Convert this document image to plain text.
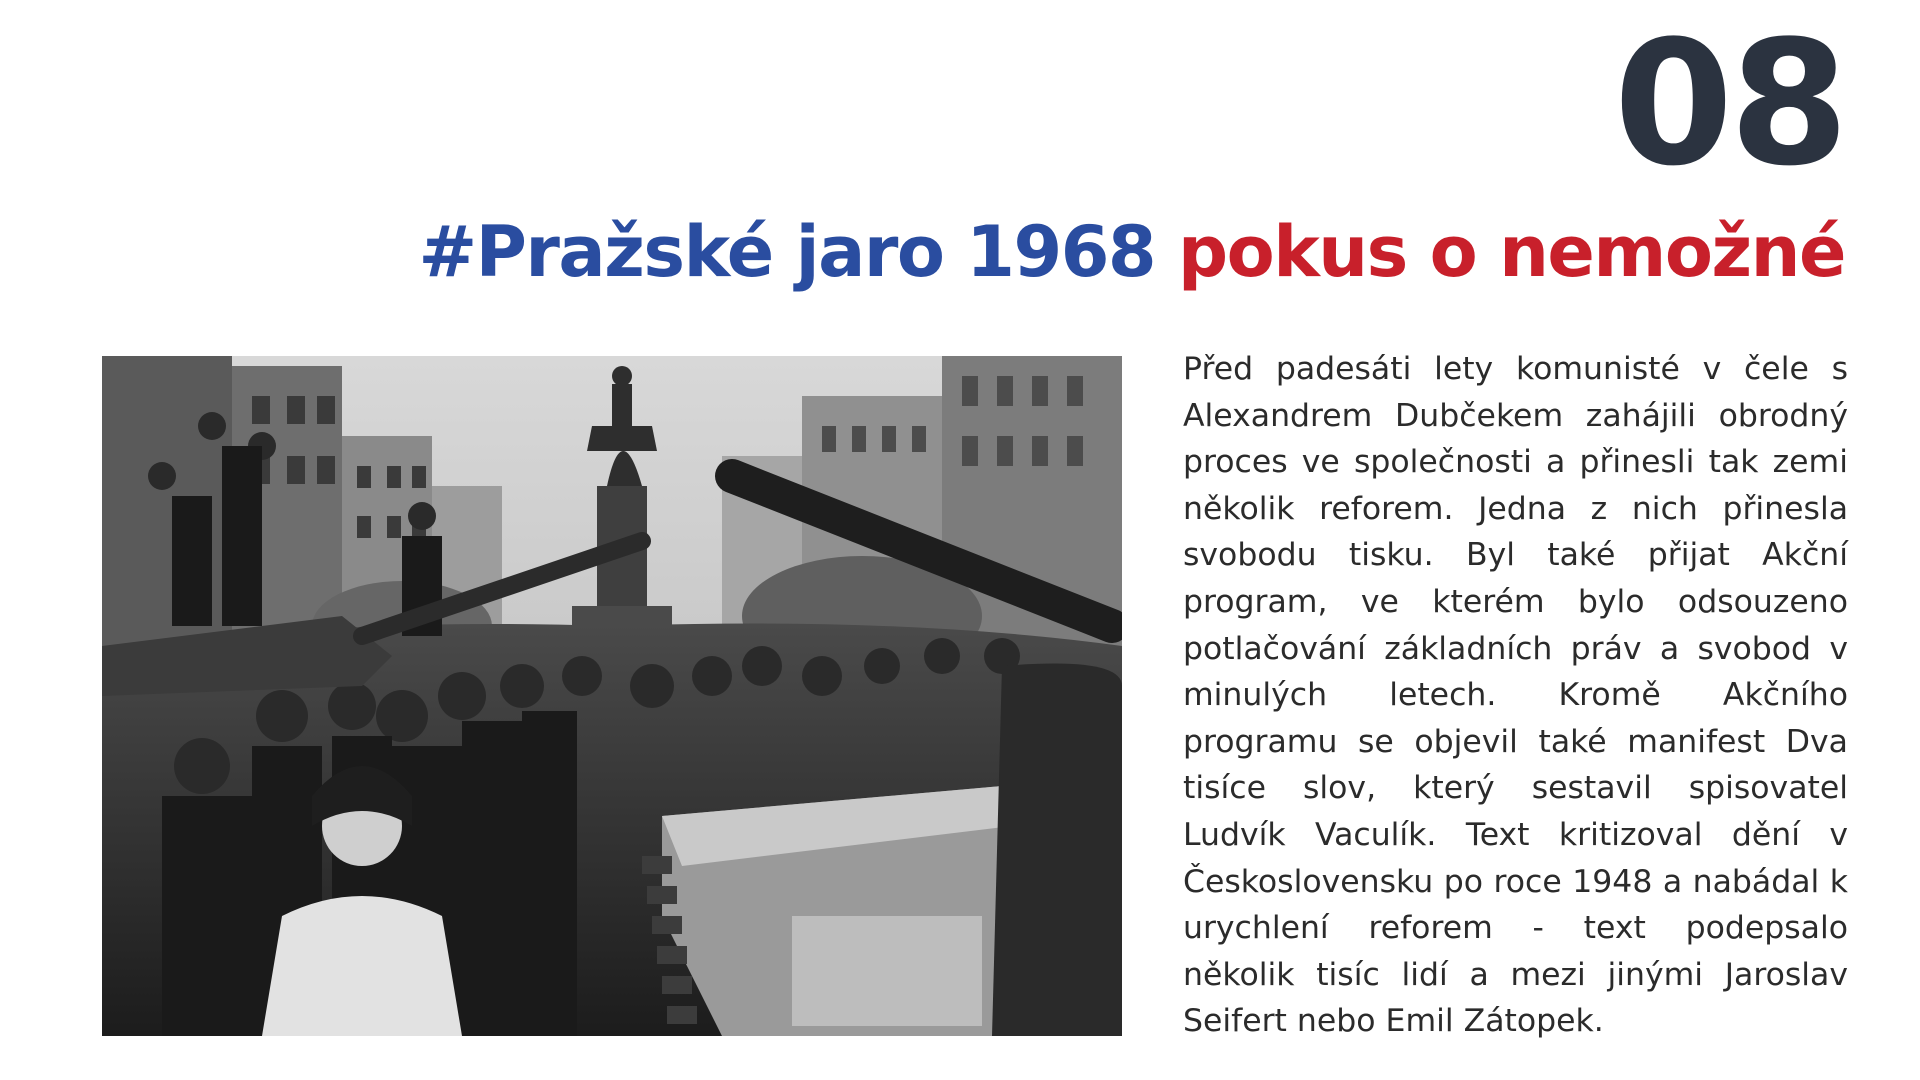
08
#Pražské jaro 1968 pokus o nemožné
Před padesáti lety komunisté v čele s Alexandrem Dubčekem zahájili obrodný proces ve společnosti a přinesli tak zemi několik reforem. Jedna z nich přinesla svobodu tisku. Byl také přijat Akční program, ve kterém bylo odsouzeno potlačování základních práv a svobod v minulých letech. Kromě Akčního programu se objevil také manifest Dva tisíce slov, který sestavil spisovatel Ludvík Vaculík. Text kritizoval dění v Československu po roce 1948 a nabádal k urychlení reforem - text podepsalo několik tisíc lidí a mezi jinými Jaroslav Seifert nebo Emil Zátopek.
